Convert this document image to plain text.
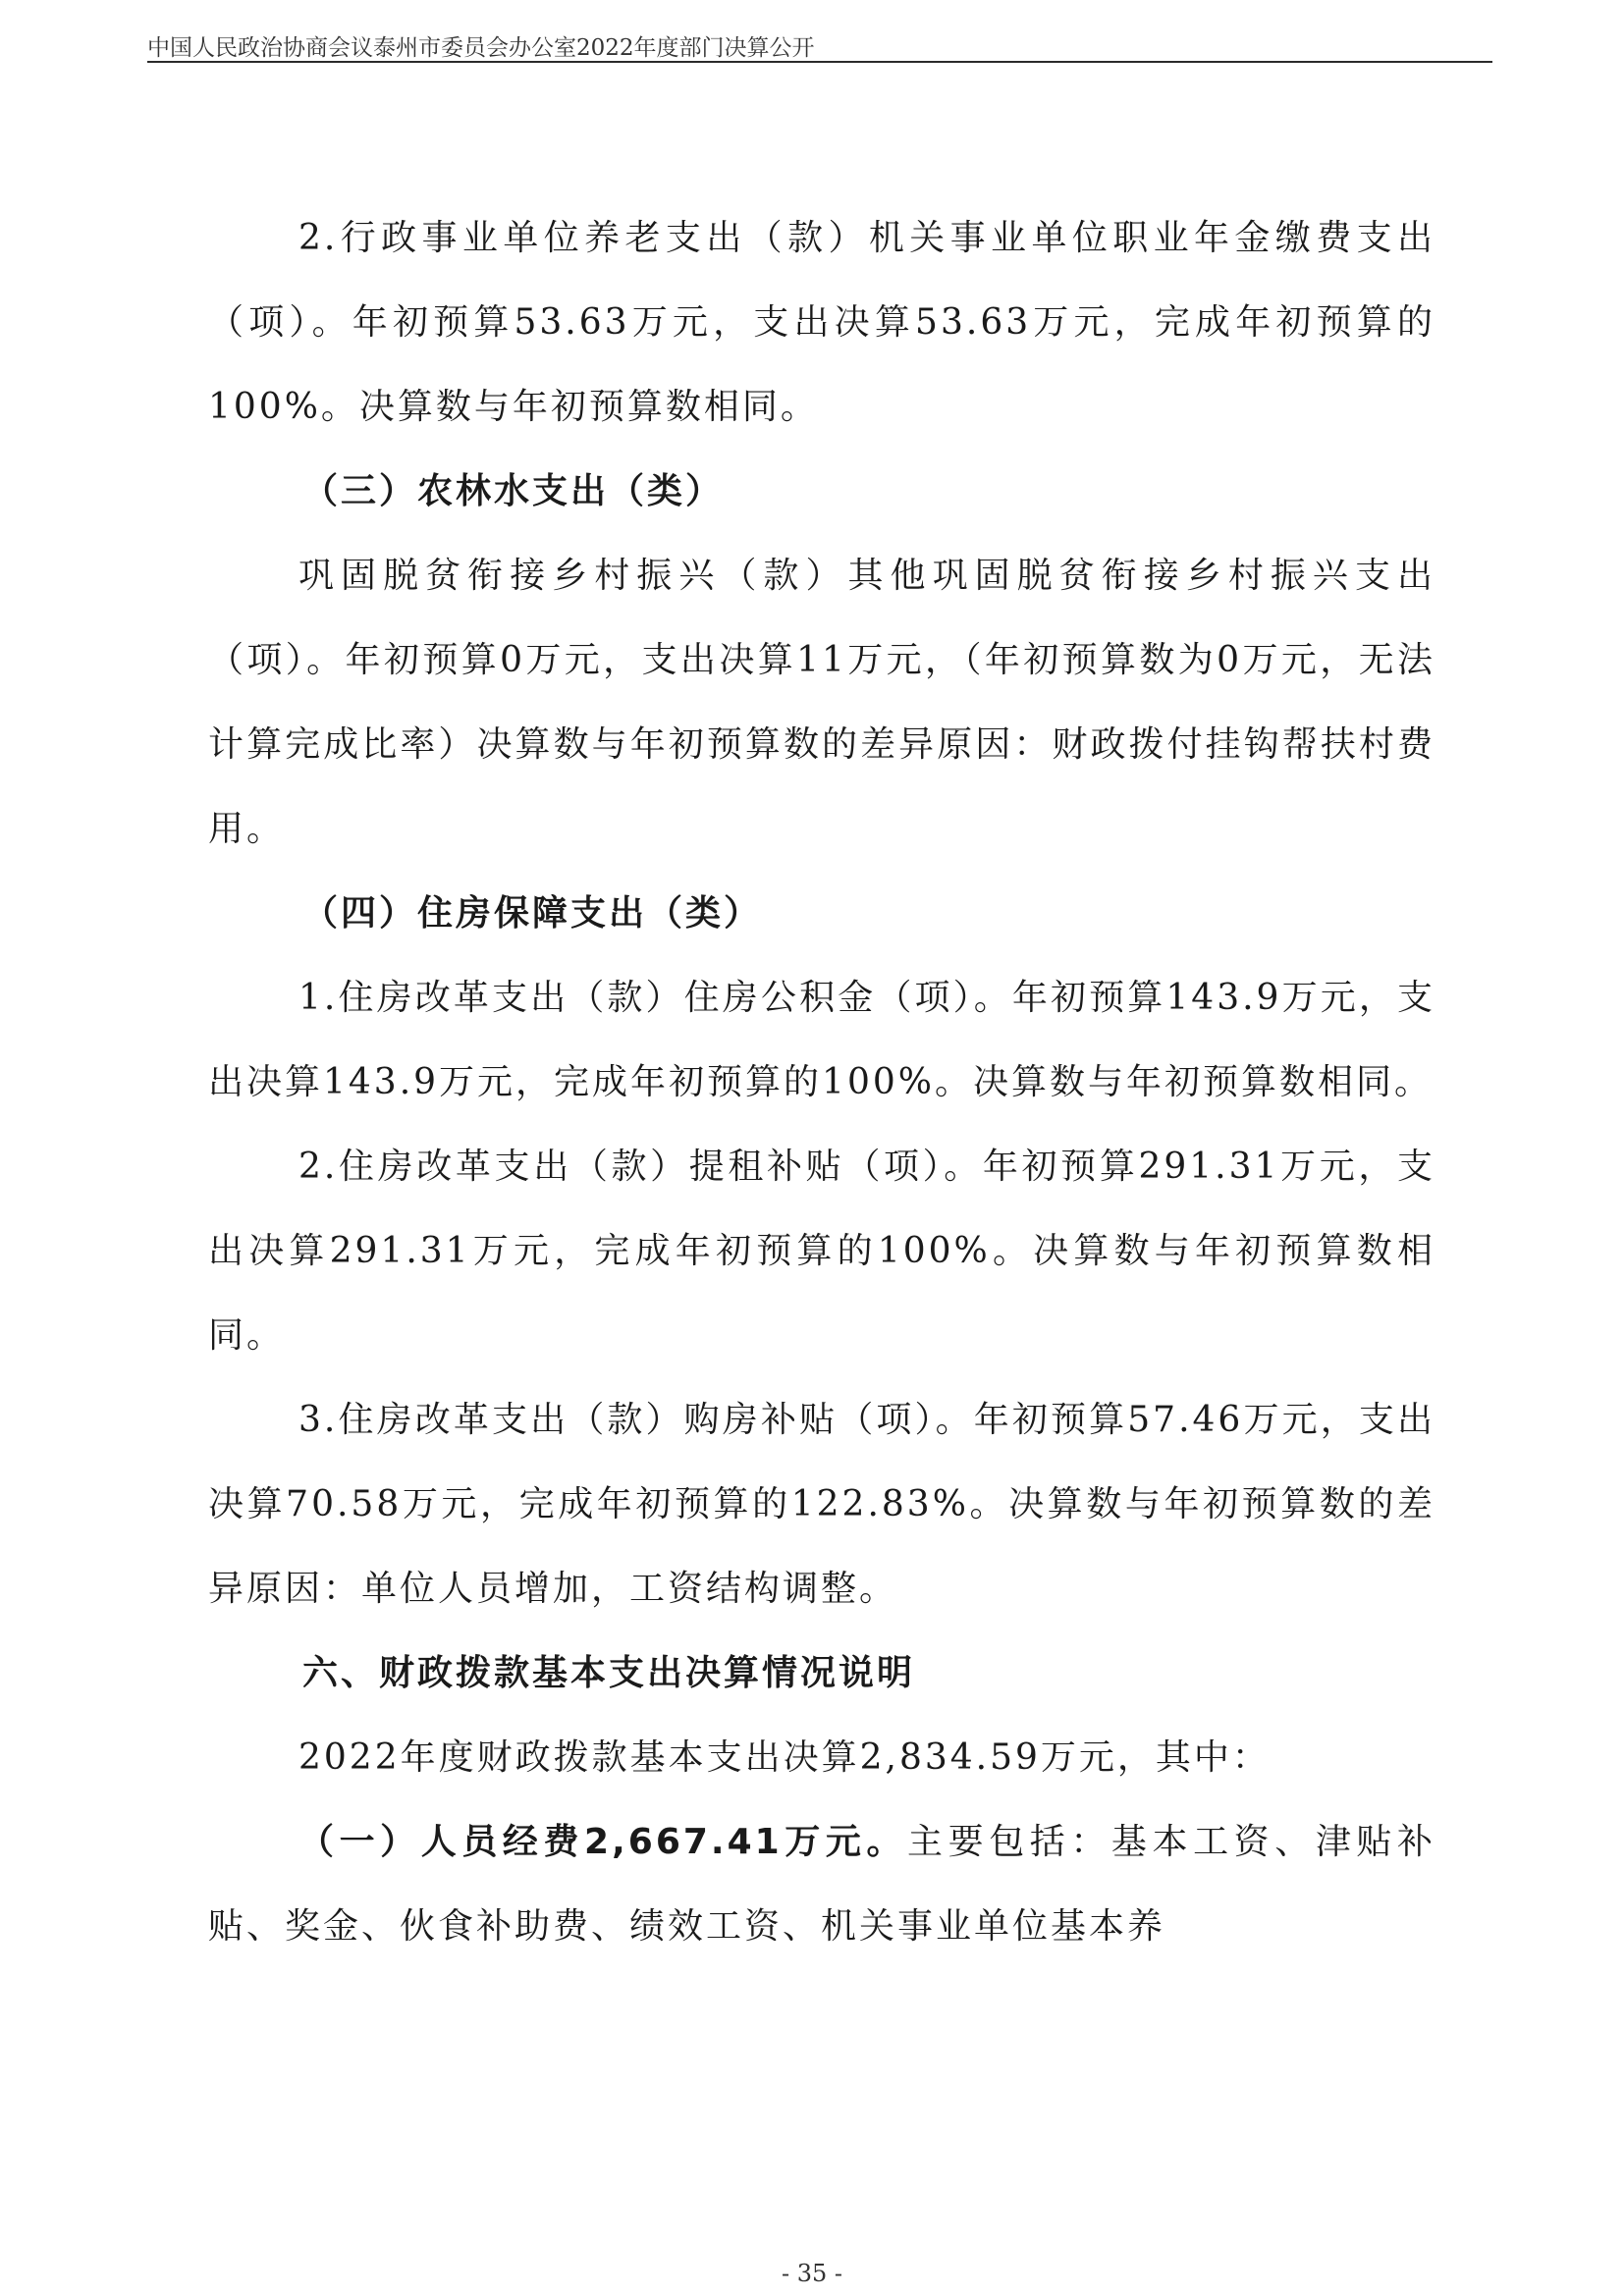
中国人民政治协商会议泰州市委员会办公室2022年度部门决算公开
2.行政事业单位养老支出（款）机关事业单位职业年金缴费支出（项）。年初预算53.63万元，支出决算53.63万元，完成年初预算的100%。决算数与年初预算数相同。
（三）农林水支出（类）
巩固脱贫衔接乡村振兴（款）其他巩固脱贫衔接乡村振兴支出（项）。年初预算0万元，支出决算11万元，（年初预算数为0万元，无法计算完成比率）决算数与年初预算数的差异原因：财政拨付挂钩帮扶村费用。
（四）住房保障支出（类）
1.住房改革支出（款）住房公积金（项）。年初预算143.9万元，支出决算143.9万元，完成年初预算的100%。决算数与年初预算数相同。
2.住房改革支出（款）提租补贴（项）。年初预算291.31万元，支出决算291.31万元，完成年初预算的100%。决算数与年初预算数相同。
3.住房改革支出（款）购房补贴（项）。年初预算57.46万元，支出决算70.58万元，完成年初预算的122.83%。决算数与年初预算数的差异原因：单位人员增加，工资结构调整。
六、财政拨款基本支出决算情况说明
2022年度财政拨款基本支出决算2,834.59万元，其中：
（一）人员经费2,667.41万元。主要包括：基本工资、津贴补贴、奖金、伙食补助费、绩效工资、机关事业单位基本养
- 35 -
